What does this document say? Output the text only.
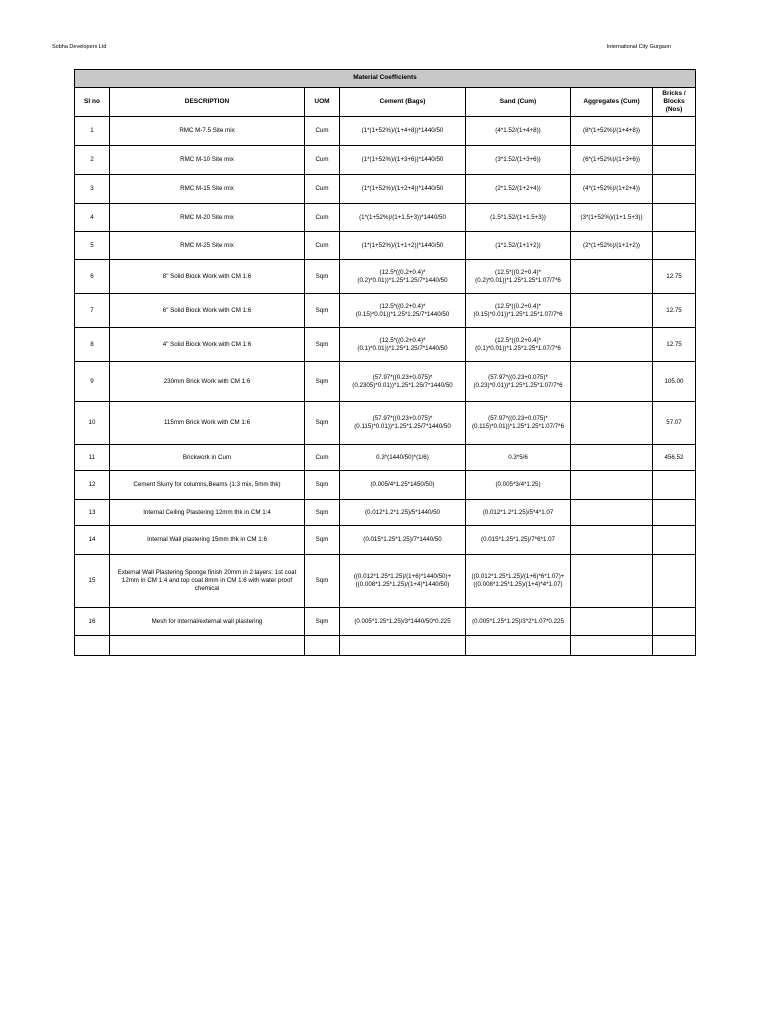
Sobha Developers Ltd	International City Gurgaon
Material Coefficients						
Sl no	DESCRIPTION	UOM	Cement (Bags)	Sand (Cum)	Aggregates (Cum)	Bricks / Blocks (Nos)
1	RMC M-7.5 Site mix	Cum	(1*(1+52%)/(1+4+8))*1440/50	(4*1.52/(1+4+8))	(8*(1+52%)/(1+4+8))	
2	RMC M-10 Site mix	Cum	(1*(1+52%)/(1+3+6))*1440/50	(3*1.52/(1+3+6))	(6*(1+52%)/(1+3+6))	
3	RMC M-15 Site mix	Cum	(1*(1+52%)/(1+2+4))*1440/50	(2*1.52/(1+2+4))	(4*(1+52%)/(1+2+4))	
4	RMC M-20 Site mix	Cum	(1*(1+52%)/(1+1.5+3))*1440/50	(1.5*1.52/(1+1.5+3))	(3*(1+52%)/(1+1.5+3))	
5	RMC M-25 Site mix	Cum	(1*(1+52%)/(1+1+2))*1440/50	(1*1.52/(1+1+2))	(2*(1+52%)/(1+1+2))	
6	8" Solid Block Work with CM 1:6	Sqm	(12.5*((0.2+0.4)*(0.2)*0.01))*1.25*1.25/7*1440/50	(12.5*((0.2+0.4)*(0.2)*0.01))*1.25*1.25*1.07/7*6		12.75
7	6" Solid Block Work with CM 1:6	Sqm	(12.5*((0.2+0.4)*(0.15)*0.01))*1.25*1.25/7*1440/50	(12.5*((0.2+0.4)*(0.15)*0.01))*1.25*1.25*1.07/7*6		12.75
8	4" Solid Block Work with CM 1:6	Sqm	(12.5*((0.2+0.4)*(0.1)*0.01))*1.25*1.25/7*1440/50	(12.5*((0.2+0.4)*(0.1)*0.01))*1.25*1.25*1.07/7*6		12.75
9	230mm Brick Work with CM 1:6	Sqm	(57.97*((0.23+0.075)*(0.2305)*0.01))*1.25*1.25/7*1440/50	(57.97*((0.23+0.075)*(0.23)*0.01))*1.25*1.25*1.07/7*6		105.00
10	115mm Brick Work with CM 1:6	Sqm	(57.97*((0.23+0.075)*(0.115)*0.01))*1.25*1.25/7*1440/50	(57.97*((0.23+0.075)*(0.115)*0.01))*1.25*1.25*1.07/7*6		57.07
11	Brickwork in Cum	Cum	0.3*(1440/50)*(1/6)	0.3*5/6		456.52
12	Cement Slurry for columns,Beams (1:3 mix, 5mm thk)	Sqm	(0.005/4*1.25*1450/50)	(0.005*3/4*1.25)		
13	Internal Ceiling Plastering 12mm thk in CM 1:4	Sqm	(0.012*1.2*1.25)/5*1440/50	(0.012*1.2*1.25)/5*4*1.07		
14	Internal Wall plastering 15mm thk in CM 1:6	Sqm	(0.015*1.25*1.25)/7*1440/50	(0.015*1.25*1.25)/7*6*1.07		
15	External Wall Plastering Sponge finish 20mm in 2 layers: 1st coat 12mm in CM 1:4 and top coat 8mm in CM 1:6 with water proof chemical	Sqm	((0.012*1.25*1.25)/(1+6)*1440/50)+((0.008*1.25*1.25)/(1+4)*1440/50)	((0.012*1.25*1.25)/(1+6)*6*1.07)+((0.008*1.25*1.25)/(1+4)*4*1.07)		
16	Mesh for internal/external wall plastering	Sqm	(0.005*1.25*1.25)/3*1440/50*0.225	(0.005*1.25*1.25)/3*2*1.07*0.225		
